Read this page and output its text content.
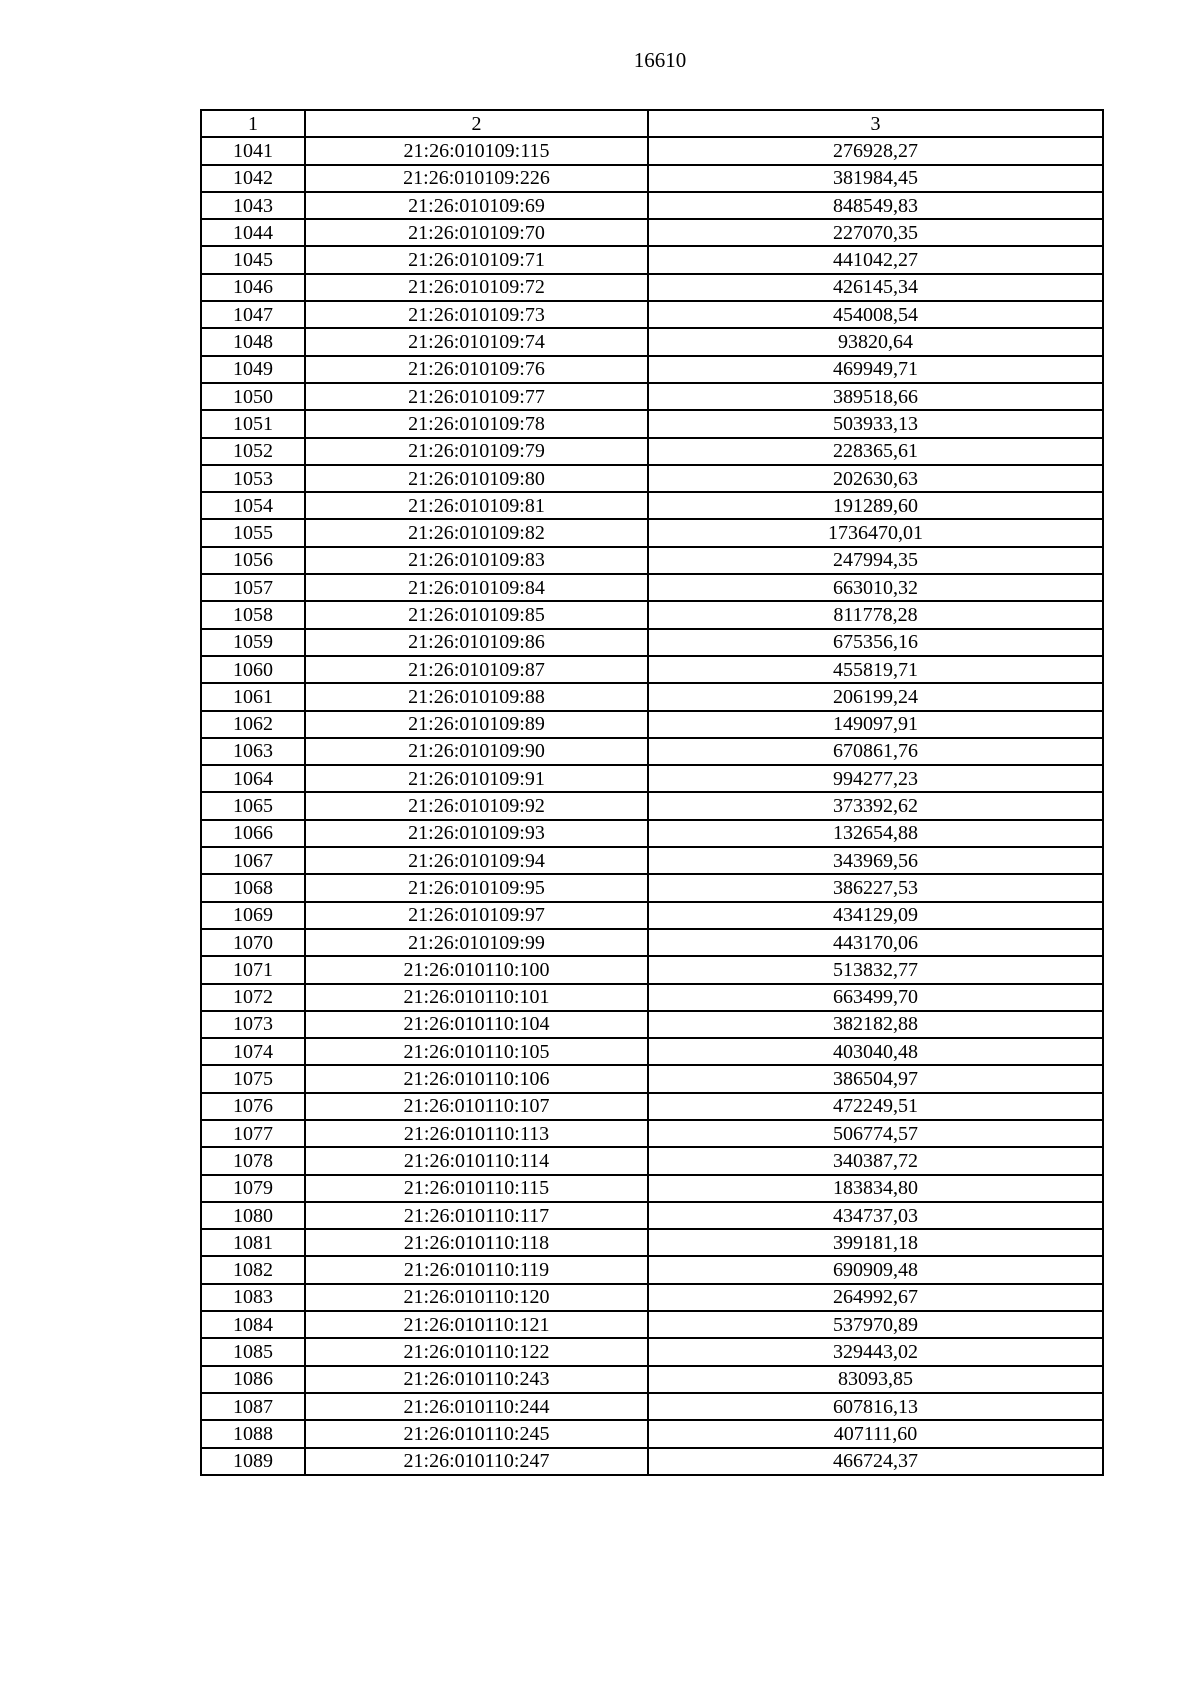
16610
1	2	3
1041	21:26:010109:115	276928,27
1042	21:26:010109:226	381984,45
1043	21:26:010109:69	848549,83
1044	21:26:010109:70	227070,35
1045	21:26:010109:71	441042,27
1046	21:26:010109:72	426145,34
1047	21:26:010109:73	454008,54
1048	21:26:010109:74	93820,64
1049	21:26:010109:76	469949,71
1050	21:26:010109:77	389518,66
1051	21:26:010109:78	503933,13
1052	21:26:010109:79	228365,61
1053	21:26:010109:80	202630,63
1054	21:26:010109:81	191289,60
1055	21:26:010109:82	1736470,01
1056	21:26:010109:83	247994,35
1057	21:26:010109:84	663010,32
1058	21:26:010109:85	811778,28
1059	21:26:010109:86	675356,16
1060	21:26:010109:87	455819,71
1061	21:26:010109:88	206199,24
1062	21:26:010109:89	149097,91
1063	21:26:010109:90	670861,76
1064	21:26:010109:91	994277,23
1065	21:26:010109:92	373392,62
1066	21:26:010109:93	132654,88
1067	21:26:010109:94	343969,56
1068	21:26:010109:95	386227,53
1069	21:26:010109:97	434129,09
1070	21:26:010109:99	443170,06
1071	21:26:010110:100	513832,77
1072	21:26:010110:101	663499,70
1073	21:26:010110:104	382182,88
1074	21:26:010110:105	403040,48
1075	21:26:010110:106	386504,97
1076	21:26:010110:107	472249,51
1077	21:26:010110:113	506774,57
1078	21:26:010110:114	340387,72
1079	21:26:010110:115	183834,80
1080	21:26:010110:117	434737,03
1081	21:26:010110:118	399181,18
1082	21:26:010110:119	690909,48
1083	21:26:010110:120	264992,67
1084	21:26:010110:121	537970,89
1085	21:26:010110:122	329443,02
1086	21:26:010110:243	83093,85
1087	21:26:010110:244	607816,13
1088	21:26:010110:245	407111,60
1089	21:26:010110:247	466724,37
